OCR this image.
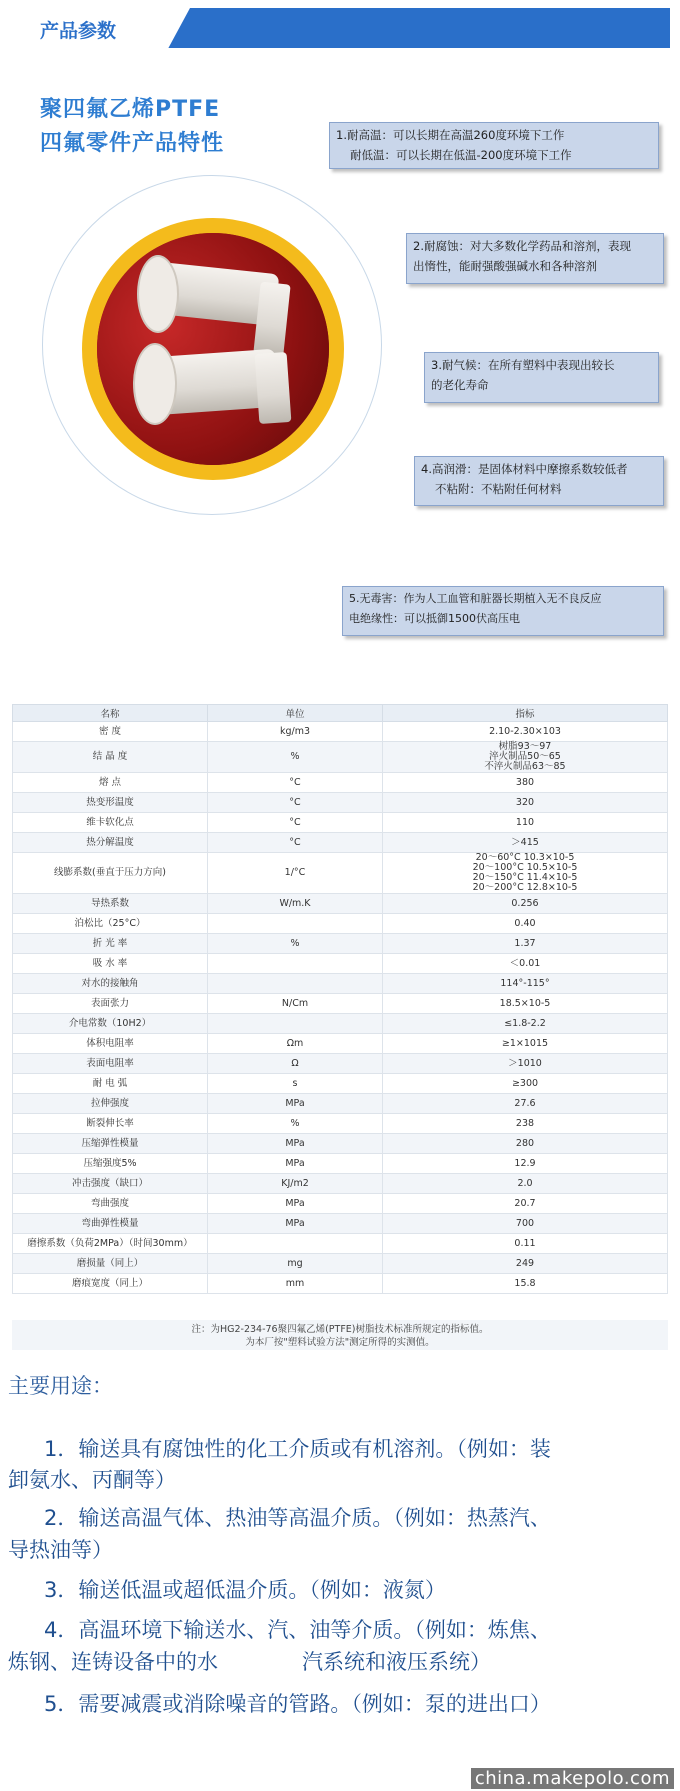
产品参数
聚四氟乙烯PTFE
四氟零件产品特性	1.耐高温：可以长期在高温260度环境下工作
耐低温：可以长期在低温-200度环境下工作
2.耐腐蚀：对大多数化学药品和溶剂，表现
出惰性，能耐强酸强碱水和各种溶剂
3.耐气候：在所有塑料中表现出较长
的老化寿命
4.高润滑：是固体材料中摩擦系数较低者
不粘附：不粘附任何材料
5.无毒害：作为人工血管和脏器长期植入无不良反应
电绝缘性：可以抵御1500伏高压电
名称	单位	指标
密 度	kg/m3	2.10-2.30×103
结 晶 度	%	树脂93～97
淬火制品50～65
不淬火制品63～85
熔 点	°C	380
热变形温度	°C	320
维卡软化点	°C	110
热分解温度	°C	＞415
线膨系数(垂直于压力方向)	1/°C	20～60°C 10.3×10-5
20～100°C 10.5×10-5
20～150°C 11.4×10-5
20～200°C 12.8×10-5
导热系数	W/m.K	0.256
泊松比（25°C）		0.40
折 光 率	%	1.37
吸 水 率		＜0.01
对水的接触角		114°-115°
表面张力	N/Cm	18.5×10-5
介电常数（10H2）		≤1.8-2.2
体积电阻率	Ωm	≥1×1015
表面电阻率	Ω	＞1010
耐 电 弧	s	≥300
拉伸强度	MPa	27.6
断裂伸长率	%	238
压缩弹性模量	MPa	280
压缩强度5%	MPa	12.9
冲击强度（缺口）	KJ/m2	2.0
弯曲强度	MPa	20.7
弯曲弹性模量	MPa	700
磨擦系数（负荷2MPa）（时间30mm）		0.11
磨损量（同上）	mg	249
磨痕宽度（同上）	mm	15.8
注：为HG2-234-76聚四氟乙烯(PTFE)树脂技术标准所规定的指标值。
为本厂按"塑料试验方法"测定所得的实测值。
主要用途：
1．输送具有腐蚀性的化工介质或有机溶剂。（例如：装
卸氨水、丙酮等）
2．输送高温气体、热油等高温介质。（例如：热蒸汽、
导热油等）
3．输送低温或超低温介质。（例如：液氮）
4．高温环境下输送水、汽、油等介质。（例如：炼焦、
炼钢、连铸设备中的水　　　　汽系统和液压系统）
5．需要减震或消除噪音的管路。（例如：泵的进出口）
china.makepolo.com
